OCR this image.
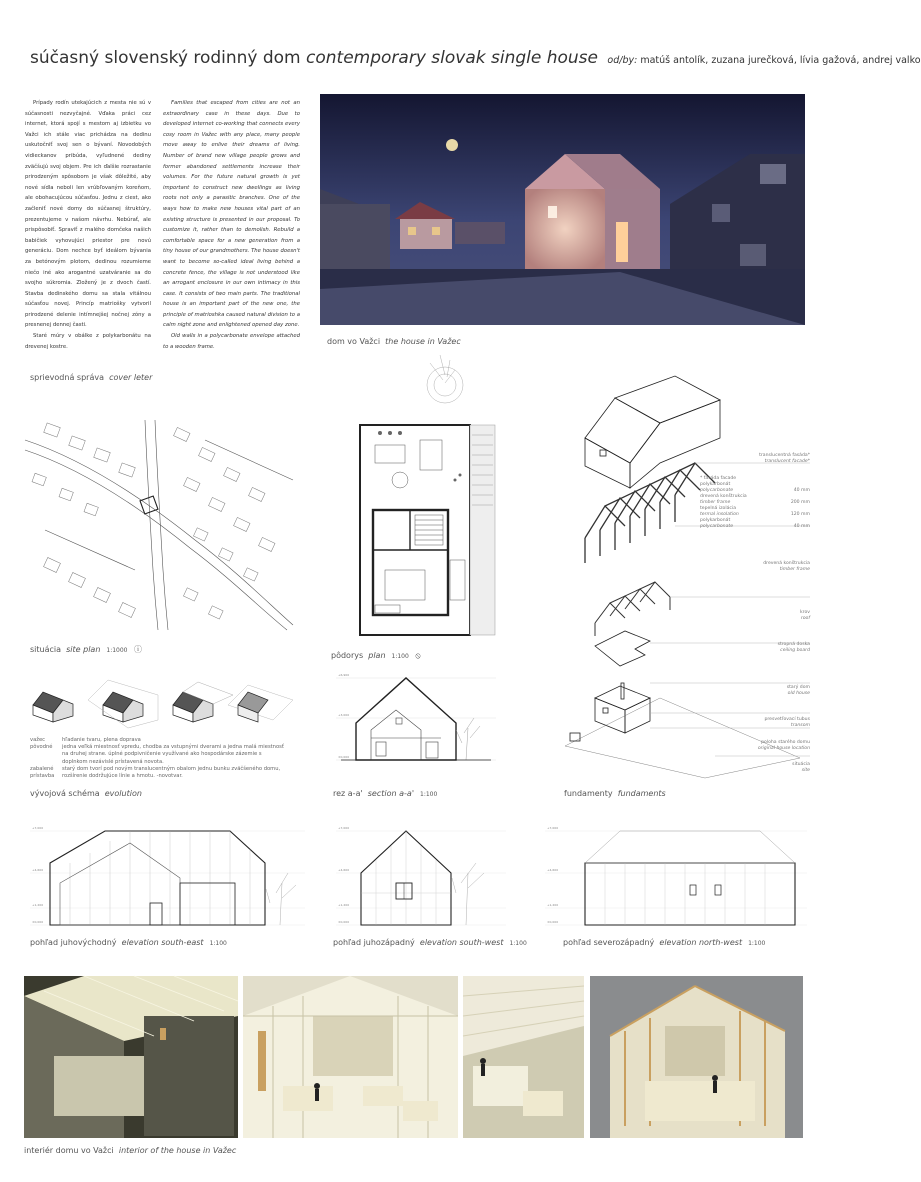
súčasný slovenský rodinný dom contemporary slovak single house od/by: matúš antolík, zuzana jurečková, lívia gažová, andrej valko

Prípady rodín utekajúcich z mesta nie sú v súčasnosti nezvyčajné. Vďaka práci cez internet, ktorá spojí s mestom aj izbietku vo Važci ich stále viac prichádza na dedinu uskutočniť svoj sen o bývaní. Novodobých vidieckanov pribúda, vyľudnené dediny zväčšujú svoj objem. Pre ich ďalšie rozrastanie prirodzeným spôsobom je však dôležité, aby nové sídla neboli len vrúbľovaným koreňom, ale obohacujúcou súčasťou. Jednu z ciest, ako začleniť nové domy do súčasnej štruktúry, prezentujeme v našom návrhu. Nebúrať, ale prispôsobiť. Spraviť z malého domčeka našich babičiek vyhovujúci priestor pre novú generáciu. Dom nechce byť ideálom bývania za betónovým plotom, dedinou rozumieme niečo iné ako arogantné uzatváranie sa do svojho súkromia. Zložený je z dvoch častí. Stavba dedinského domu sa stala vitálnou súčasťou novej. Princíp matriošky vytvoril prirodzené delenie intímnejšej nočnej zóny a presnenej dennej časti.

Staré múry v obálke z polykarbonátu na drevenej kostre.

Families that escaped from cities are not an extraordinary case in these days. Due to developed internet co-working that connects every cosy room in Važec with any place, many people move away to enlive their dreams of living. Number of brand new village people grows and former abandoned settlements increase their volumes. For the future natural growth is yet important to construct new dwellings as living roots not only a parasitic branches. One of the ways how to make new houses vital part of an existing structure is presented in our proposal. To customize it, rather than to demolish. Rebuild a comfortable space for a new generation from a tiny house of our grandmothers. The house doesn't want to become so-called ideal living behind a concrete fence, the village is not understood like an arrogant enclosure in our own intimacy in this case. It consists of two main parts. The traditional house is an important part of the new one, the principle of matrioshka caused natural division to a calm night zone and enlightened opened day zone.

Old walls in a polycarbonate envelope attached to a wooden frame.

sprievodná správa cover leter
dom vo Važci the house in Važec
situácia site plan 1:1000 ⓘ
pôdorys plan 1:100 ⦸
translucentná fasáda*
translucent facade*
* fasáda facade
polykarbonát
polycarbonate	40 mm
drevená konštrukcia
timber frame	200 mm
tepelná izolácia
termal insolation	120 mm
polykarbonát
polycarbonate	40 mm
drevená konštrukcia
timber frame
krov
roof
stropná doska
ceiling board
starý dom
old house
presvetľovací tubus
transom
poloha starého domu
original house location
situácia
site
fundamenty fundaments
važec
pôvodné
zabalené prístavba
hľadanie tvaru, plena doprava
jedna veľká miestnosť vpredu, chodba za vstupnými dverami a jedna malá miestnosť na druhej strane. úplné podpivničenie využívané ako hospodárske zázemie s doplnkom nezávislé prístavená novota.
starý dom tvorí pod novým translucentným obalom jednu bunku zväčšeného domu, rozšírenie dodržujúce línie a hmotu. -novotvar.
vývojová schéma evolution
+6,900
+3,000
±0,000
rez a-a' section a-a' 1:100
+7,000
+4,600
+1,200
±0,000
pohľad juhovýchodný elevation south-east 1:100
+7,000
+4,600
+1,200
±0,000
pohľad juhozápadný elevation south-west 1:100
+7,000
+4,600
+1,200
±0,000
pohľad severozápadný elevation north-west 1:100
interiér domu vo Važci interior of the house in Važec
